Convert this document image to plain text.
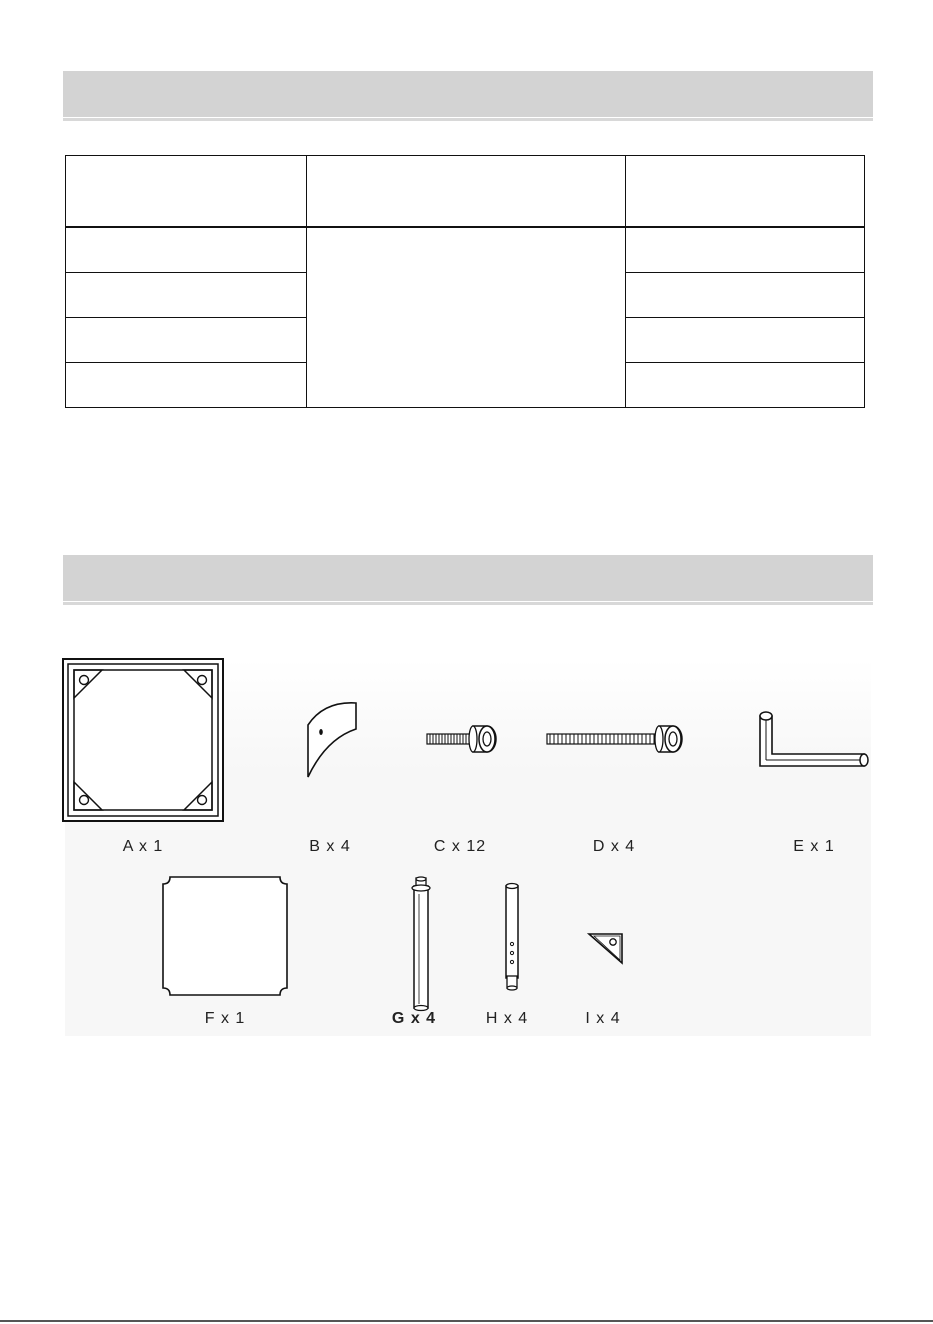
A x 1	B x 4	C x 12	D x 4	E x 1
F x 1	G x 4	H x 4	I x 4
